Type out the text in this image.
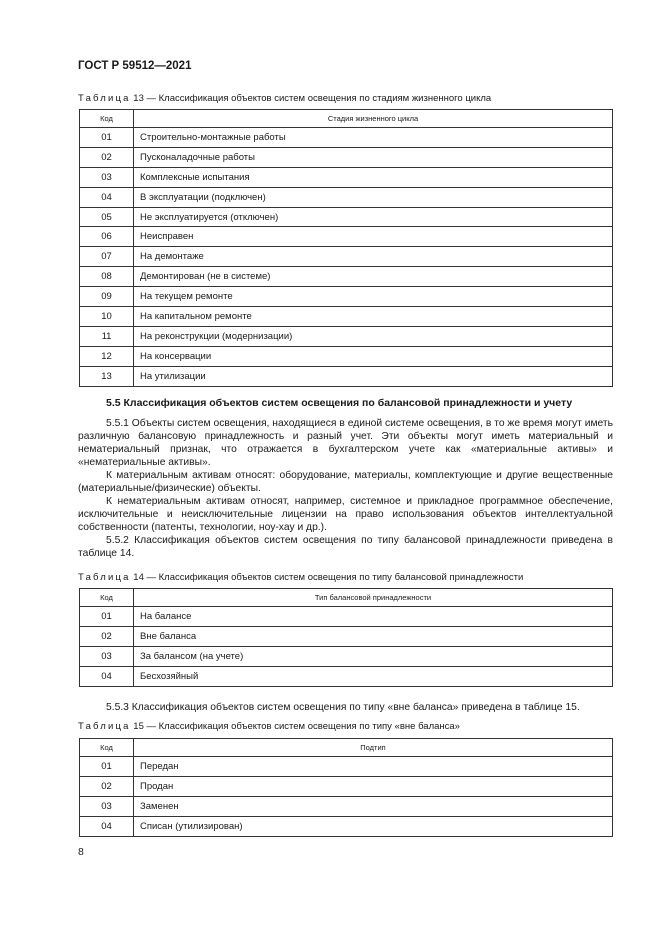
ГОСТ Р 59512—2021
Таблица 13 — Классификация объектов систем освещения по стадиям жизненного цикла
Код	Стадия жизненного цикла
01	Строительно-монтажные работы
02	Пусконаладочные работы
03	Комплексные испытания
04	В эксплуатации (подключен)
05	Не эксплуатируется (отключен)
06	Неисправен
07	На демонтаже
08	Демонтирован (не в системе)
09	На текущем ремонте
10	На капитальном ремонте
11	На реконструкции (модернизации)
12	На консервации
13	На утилизации
5.5 Классификация объектов систем освещения по балансовой принадлежности и учету

5.5.1 Объекты систем освещения, находящиеся в единой системе освещения, в то же время могут иметь различную балансовую принадлежность и разный учет. Эти объекты могут иметь материальный и нематериальный признак, что отражается в бухгалтерском учете как «материальные активы» и «нематериальные активы».

К материальным активам относят: оборудование, материалы, комплектующие и другие вещественные (материальные/физические) объекты.

К нематериальным активам относят, например, системное и прикладное программное обеспечение, исключительные и неисключительные лицензии на право использования объектов интеллектуальной собственности (патенты, технологии, ноу-хау и др.).

5.5.2 Классификация объектов систем освещения по типу балансовой принадлежности приведена в таблице 14.

Таблица 14 — Классификация объектов систем освещения по типу балансовой принадлежности
Код	Тип балансовой принадлежности
01	На балансе
02	Вне баланса
03	За балансом (на учете)
04	Бесхозяйный

5.5.3 Классификация объектов систем освещения по типу «вне баланса» приведена в таблице 15.

Таблица 15 — Классификация объектов систем освещения по типу «вне баланса»
Код	Подтип
01	Передан
02	Продан
03	Заменен
04	Списан (утилизирован)
8
